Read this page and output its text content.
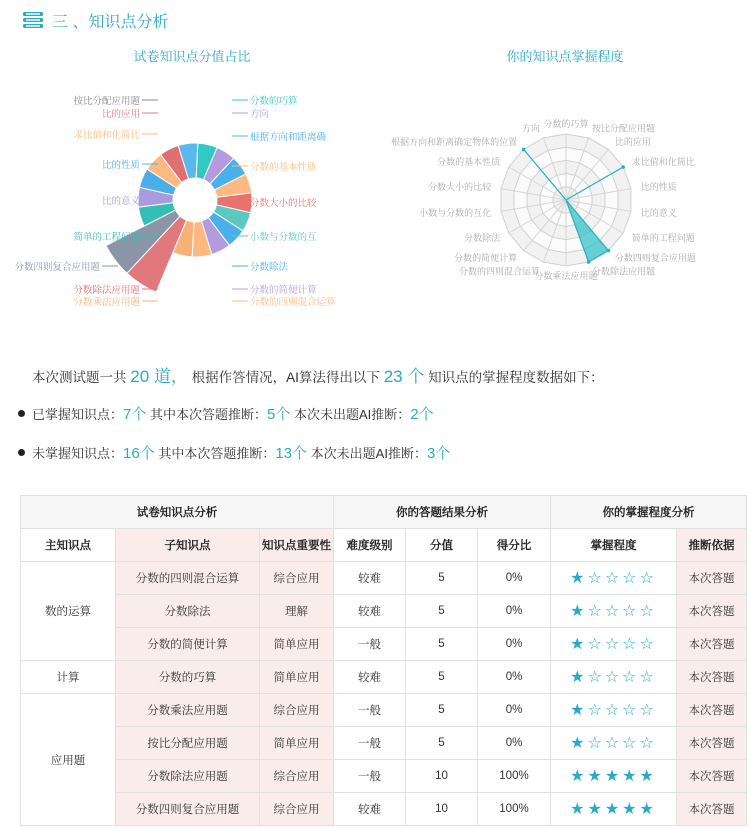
三 、知识点分析
试卷知识点分值占比	你的知识点掌握程度
按比分配应用题
比的应用
求比值和化简比
比的性质
比的意义
简单的工程问题
分数四则复合应用题
分数除法应用题
分数乘法应用题
分数的巧算
方向
根据方向和距离确
分数的基本性质
分数大小的比较
小数与分数的互
分数除法
分数的简便计算
分数的四则混合运算
分数的巧算 按比分配应用题
比的应用
求比值和化简比
比的性质
比的意义
简单的工程问题
分数四则复合应用题
分数除法应用题
分数乘法应用题
分数的四则混合运算
分数的简便计算
分数除法
小数与分数的互化
分数大小的比较
分数的基本性质
根据方向和距离确定物体的位置
方向
本次测试题一共 20 道， 根据作答情况，AI算法得出以下 23 个 知识点的掌握程度数据如下：
已掌握知识点： 7个
其中本次答题推断： 5个
本次未出题AI推断： 2个
未掌握知识点： 16个
其中本次答题推断： 13个
本次未出题AI推断： 3个
试卷知识点分析			你的答题结果分析			你的掌握程度分析	
主知识点	子知识点	知识点重要性	难度级别	分值	得分比	掌握程度	推断依据
数的运算	分数的四则混合运算	综合应用	较难	5	0%	★☆☆☆☆	本次答题
	分数除法	理解	较难	5	0%	★☆☆☆☆	本次答题
	分数的简便计算	简单应用	一般	5	0%	★☆☆☆☆	本次答题
计算	分数的巧算	简单应用	较难	5	0%	★☆☆☆☆	本次答题
应用题	分数乘法应用题	综合应用	一般	5	0%	★☆☆☆☆	本次答题
	按比分配应用题	简单应用	一般	5	0%	★☆☆☆☆	本次答题
	分数除法应用题	综合应用	一般	10	100%	★★★★★	本次答题
	分数四则复合应用题	综合应用	较难	10	100%	★★★★★	本次答题
